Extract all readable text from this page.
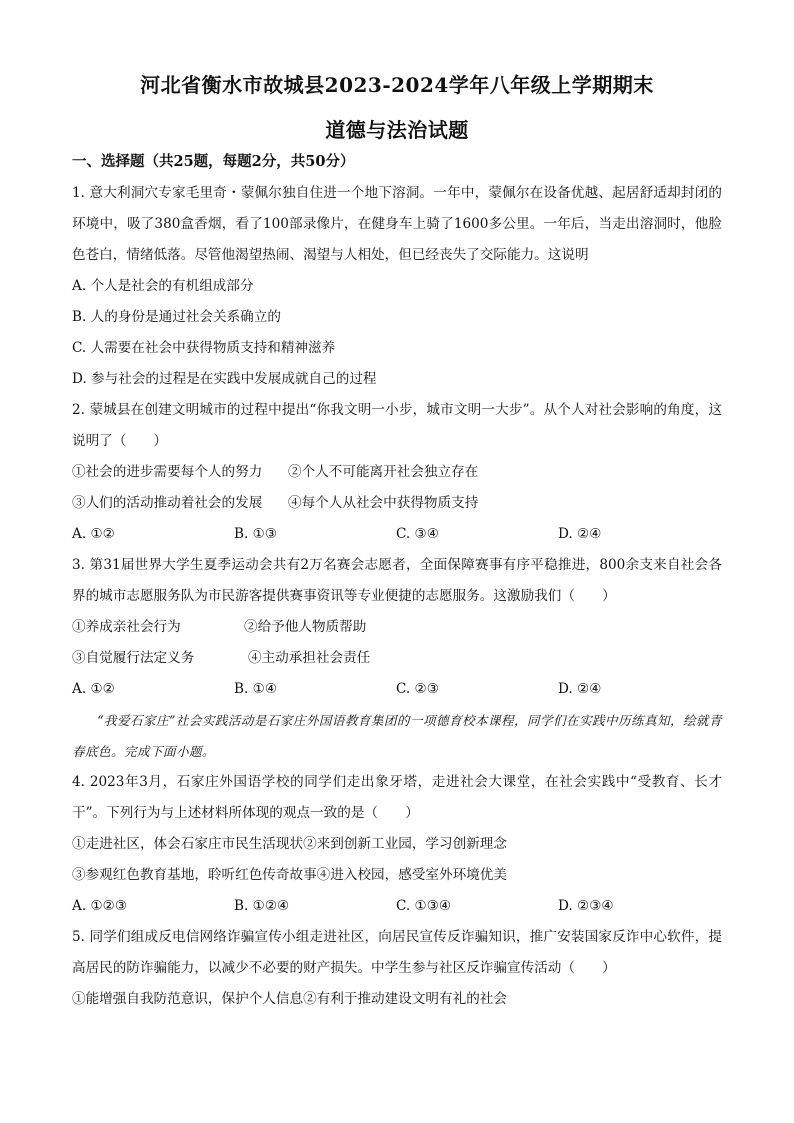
河北省衡水市故城县2023-2024学年八年级上学期期末
道德与法治试题
一、选择题（共25题，每题2分，共50分）

1. 意大利洞穴专家毛里奇・蒙佩尔独自住进一个地下溶洞。一年中，蒙佩尔在设备优越、起居舒适却封闭的环境中，吸了380盒香烟，看了100部录像片，在健身车上骑了1600多公里。一年后，当走出溶洞时，他脸色苍白，情绪低落。尽管他渴望热闹、渴望与人相处，但已经丧失了交际能力。这说明

A. 个人是社会的有机组成部分

B. 人的身份是通过社会关系确立的

C. 人需要在社会中获得物质支持和精神滋养

D. 参与社会的过程是在实践中发展成就自己的过程

2. 蒙城县在创建文明城市的过程中提出“你我文明一小步，城市文明一大步”。从个人对社会影响的角度，这说明了（　　）

①社会的进步需要每个人的努力	②个人不可能离开社会独立存在
③人们的活动推动着社会的发展	④每个人从社会中获得物质支持
A. ①②	B. ①③	C. ③④	D. ②④

3. 第31届世界大学生夏季运动会共有2万名赛会志愿者，全面保障赛事有序平稳推进，800余支来自社会各界的城市志愿服务队为市民游客提供赛事资讯等专业便捷的志愿服务。这激励我们（　　）

①养成亲社会行为	②给予他人物质帮助
③自觉履行法定义务	④主动承担社会责任
A. ①②	B. ①④	C. ②③	D. ②④

“我爱石家庄”社会实践活动是石家庄外国语教育集团的一项德育校本课程，同学们在实践中历练真知，绘就青春底色。完成下面小题。

4. 2023年3月，石家庄外国语学校的同学们走出象牙塔，走进社会大课堂，在社会实践中“受教育、长才干”。下列行为与上述材料所体现的观点一致的是（　　）

①走进社区，体会石家庄市民生活现状②来到创新工业园，学习创新理念

③参观红色教育基地，聆听红色传奇故事④进入校园，感受室外环境优美

A. ①②③	B. ①②④	C. ①③④	D. ②③④

5. 同学们组成反电信网络诈骗宣传小组走进社区，向居民宣传反诈骗知识，推广安装国家反诈中心软件，提高居民的防诈骗能力，以减少不必要的财产损失。中学生参与社区反诈骗宣传活动（　　）

①能增强自我防范意识，保护个人信息②有利于推动建设文明有礼的社会
